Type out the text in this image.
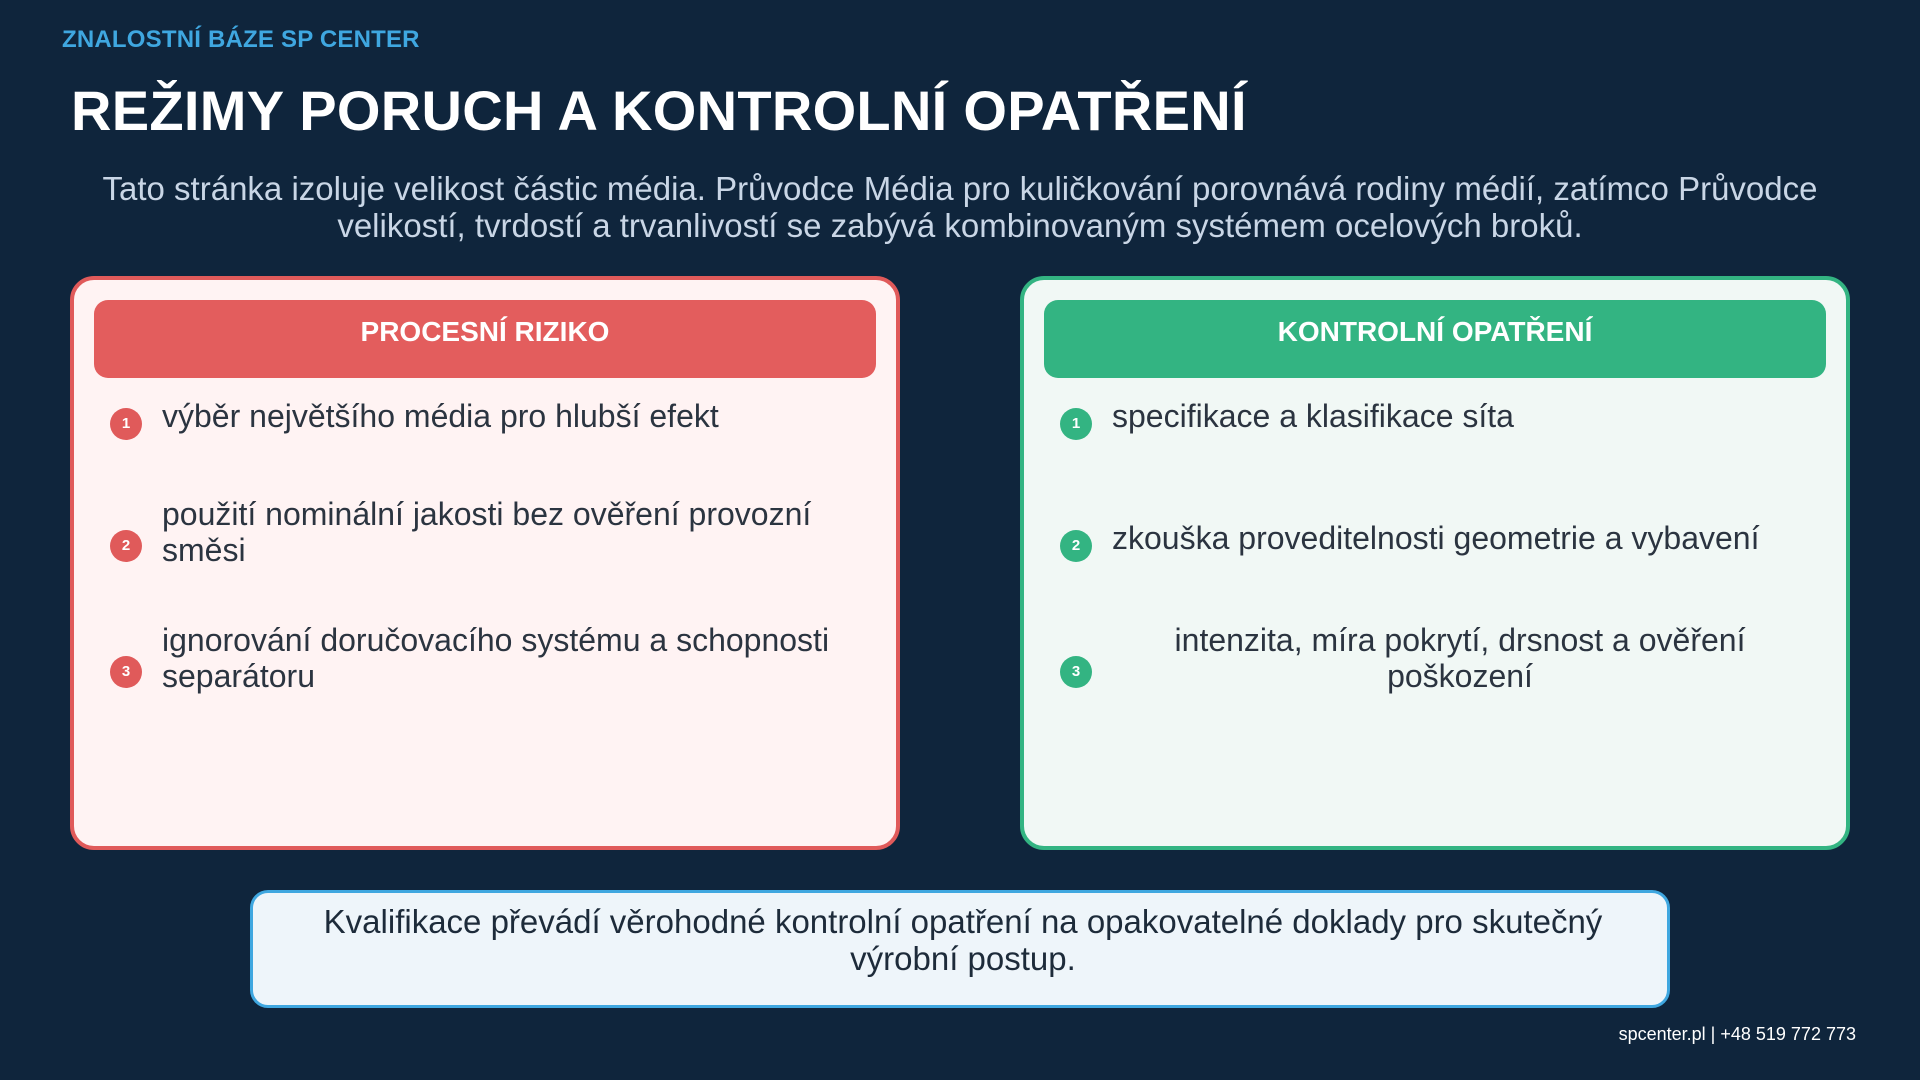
ZNALOSTNÍ BÁZE SP CENTER
REŽIMY PORUCH A KONTROLNÍ OPATŘENÍ

Tato stránka izoluje velikost částic média. Průvodce Média pro kuličkování porovnává rodiny médií, zatímco Průvodce velikostí, tvrdostí a trvanlivostí se zabývá kombinovaným systémem ocelových broků.

PROCESNÍ RIZIKO
1 výběr největšího média pro hlubší efekt
2
použití nominální jakosti bez ověření provozní směsi
3
ignorování doručovacího systému a schopnosti separátoru
KONTROLNÍ OPATŘENÍ
1 specifikace a klasifikace síta
2 zkouška proveditelnosti geometrie a vybavení
3
intenzita, míra pokrytí, drsnost a ověření poškození

Kvalifikace převádí věrohodné kontrolní opatření na opakovatelné doklady pro skutečný výrobní postup.

spcenter.pl | +48 519 772 773
